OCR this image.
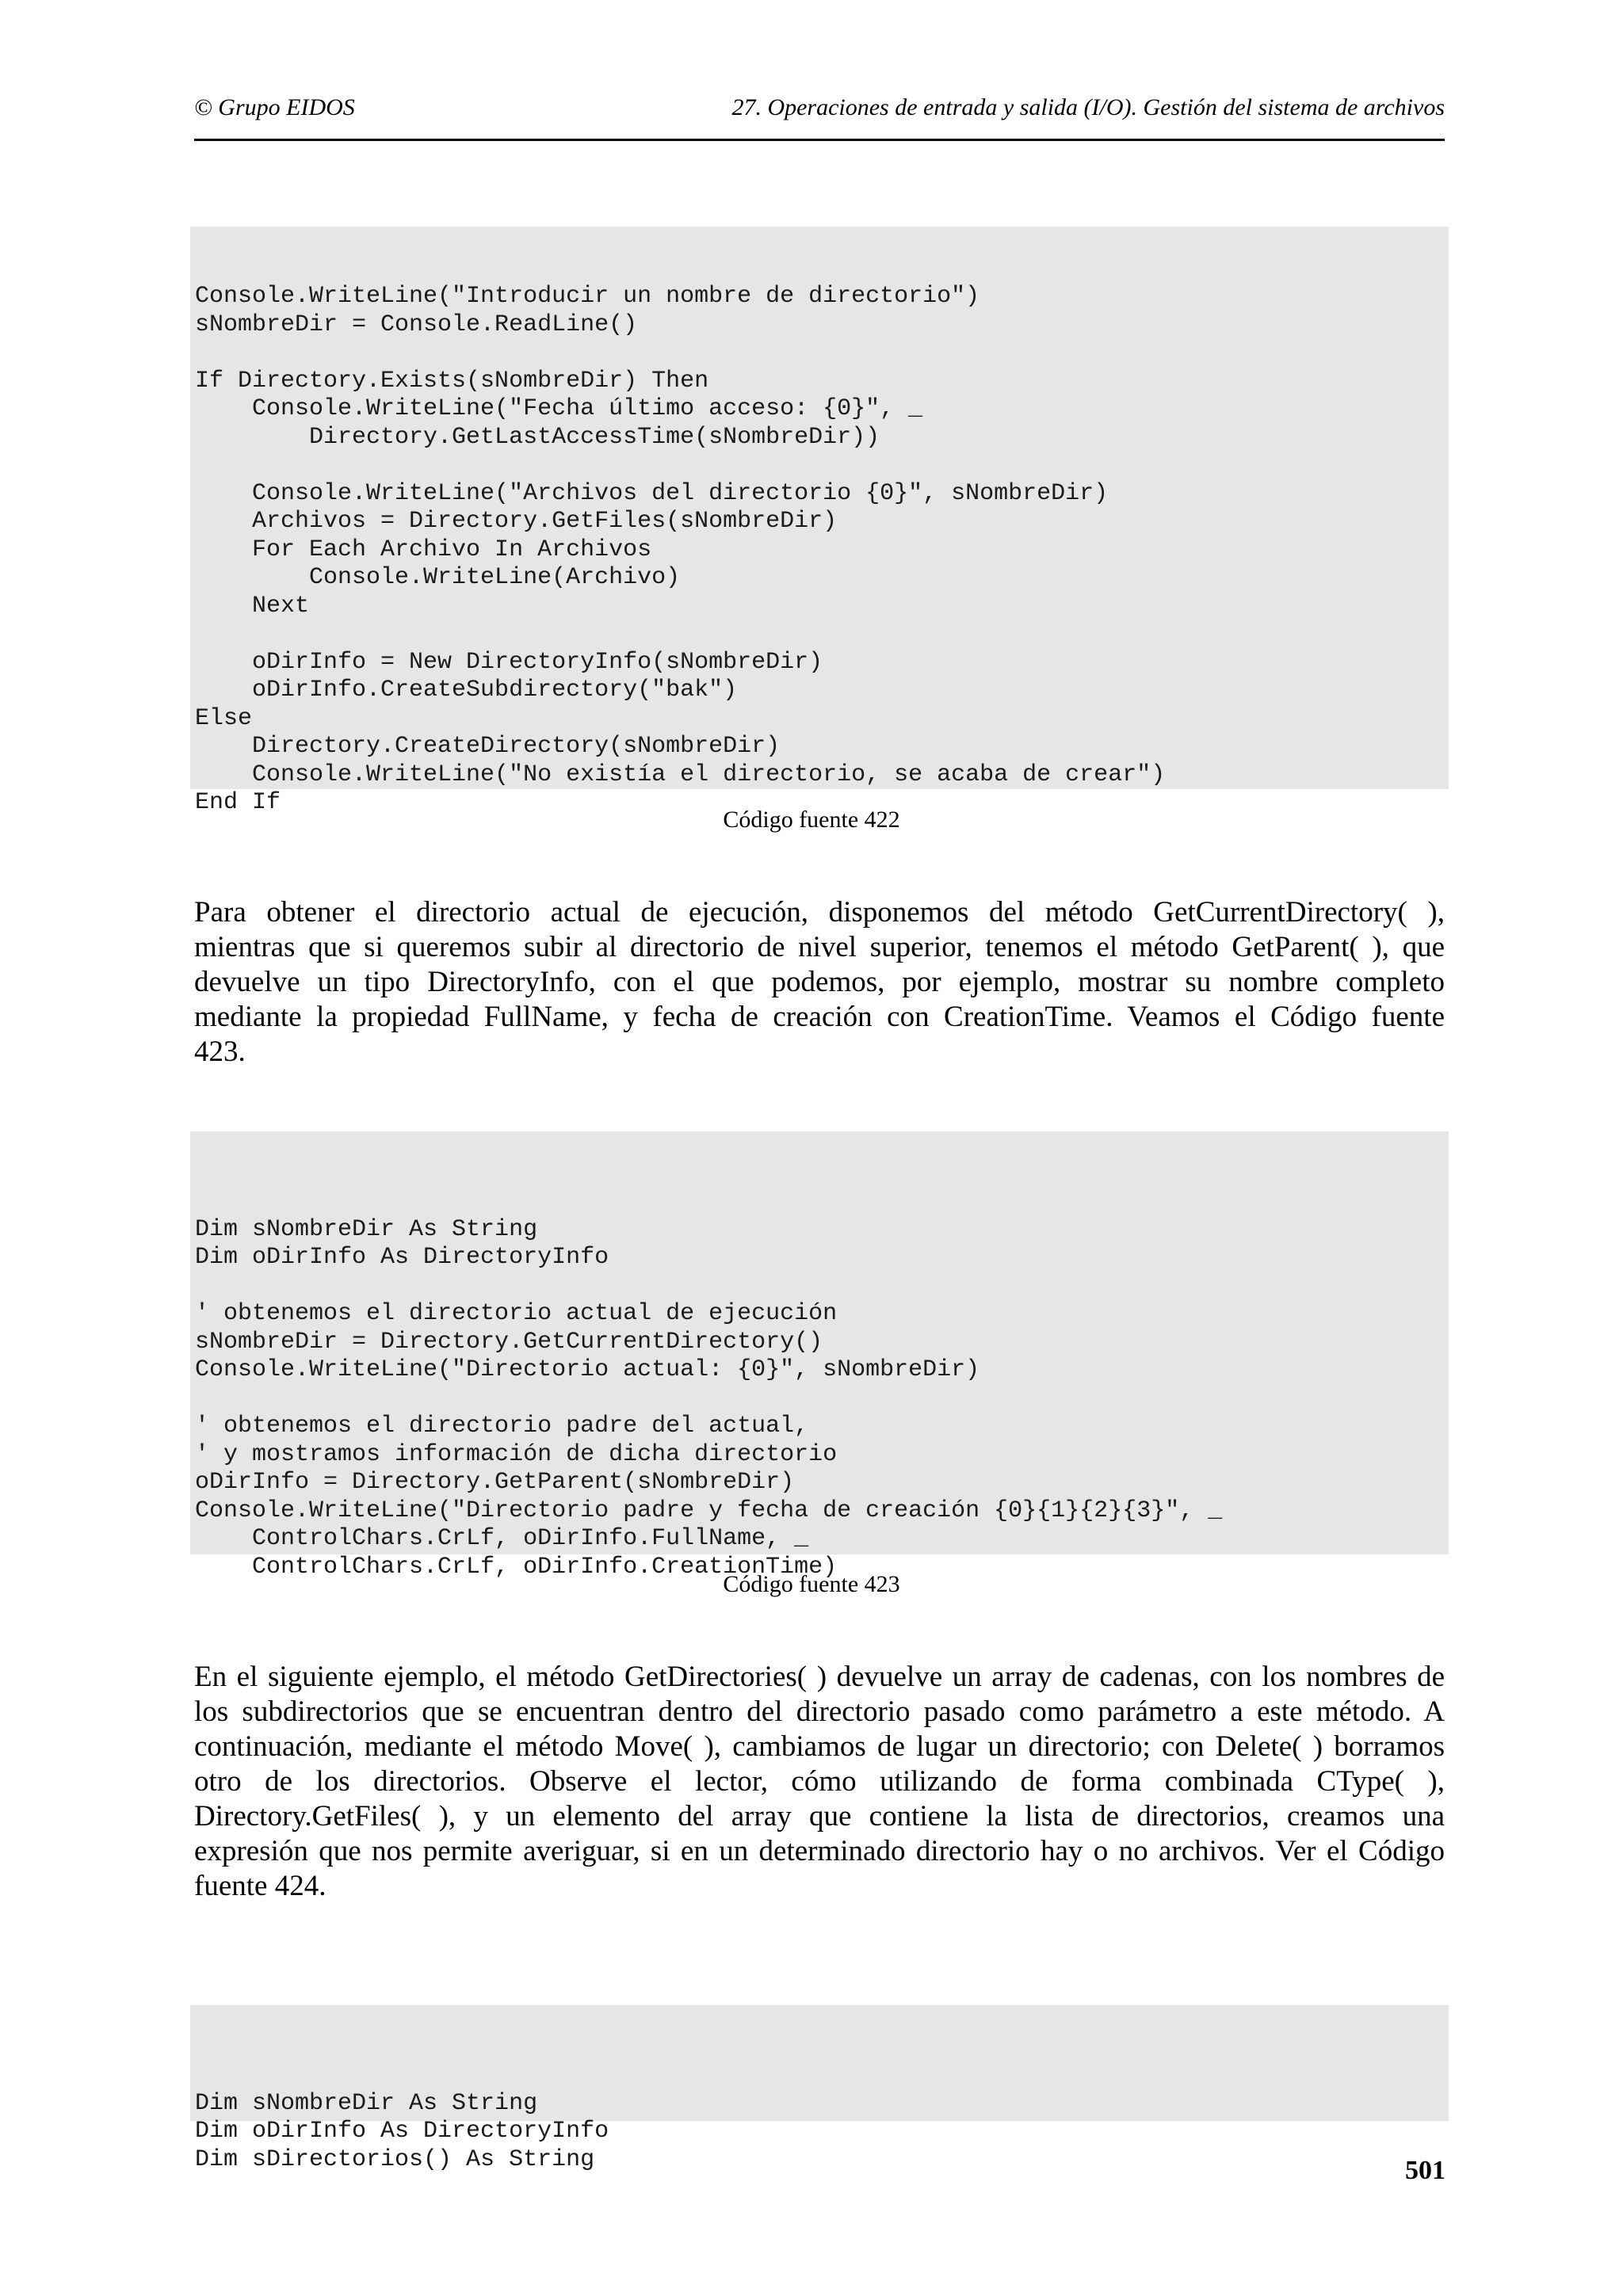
© Grupo EIDOS	27. Operaciones de entrada y salida (I/O). Gestión del sistema de archivos

Console.WriteLine("Introducir un nombre de directorio")
sNombreDir = Console.ReadLine()
If Directory.Exists(sNombreDir) Then
Console.WriteLine("Fecha último acceso: {0}", _
Directory.GetLastAccessTime(sNombreDir))
Console.WriteLine("Archivos del directorio {0}", sNombreDir)
Archivos = Directory.GetFiles(sNombreDir)
For Each Archivo In Archivos
Console.WriteLine(Archivo)
Next
oDirInfo = New DirectoryInfo(sNombreDir)
oDirInfo.CreateSubdirectory("bak")
Else
Directory.CreateDirectory(sNombreDir)
Console.WriteLine("No existía el directorio, se acaba de crear")
End If
Código fuente 422
Para obtener el directorio actual de ejecución, disponemos del método GetCurrentDirectory( ),
mientras que si queremos subir al directorio de nivel superior, tenemos el método GetParent( ), que
devuelve un tipo DirectoryInfo, con el que podemos, por ejemplo, mostrar su nombre completo
mediante la propiedad FullName, y fecha de creación con CreationTime. Veamos el Código fuente
423.

Dim sNombreDir As String
Dim oDirInfo As DirectoryInfo
' obtenemos el directorio actual de ejecución
sNombreDir = Directory.GetCurrentDirectory()
Console.WriteLine("Directorio actual: {0}", sNombreDir)
' obtenemos el directorio padre del actual,
' y mostramos información de dicha directorio
oDirInfo = Directory.GetParent(sNombreDir)
Console.WriteLine("Directorio padre y fecha de creación {0}{1}{2}{3}", _
ControlChars.CrLf, oDirInfo.FullName, _
ControlChars.CrLf, oDirInfo.CreationTime)
Código fuente 423
En el siguiente ejemplo, el método GetDirectories( ) devuelve un array de cadenas, con los nombres de
los subdirectorios que se encuentran dentro del directorio pasado como parámetro a este método. A
continuación, mediante el método Move( ), cambiamos de lugar un directorio; con Delete( ) borramos
otro de los directorios. Observe el lector, cómo utilizando de forma combinada CType( ),
Directory.GetFiles( ), y un elemento del array que contiene la lista de directorios, creamos una
expresión que nos permite averiguar, si en un determinado directorio hay o no archivos. Ver el Código
fuente 424.

Dim sNombreDir As String
Dim oDirInfo As DirectoryInfo
Dim sDirectorios() As String	501
